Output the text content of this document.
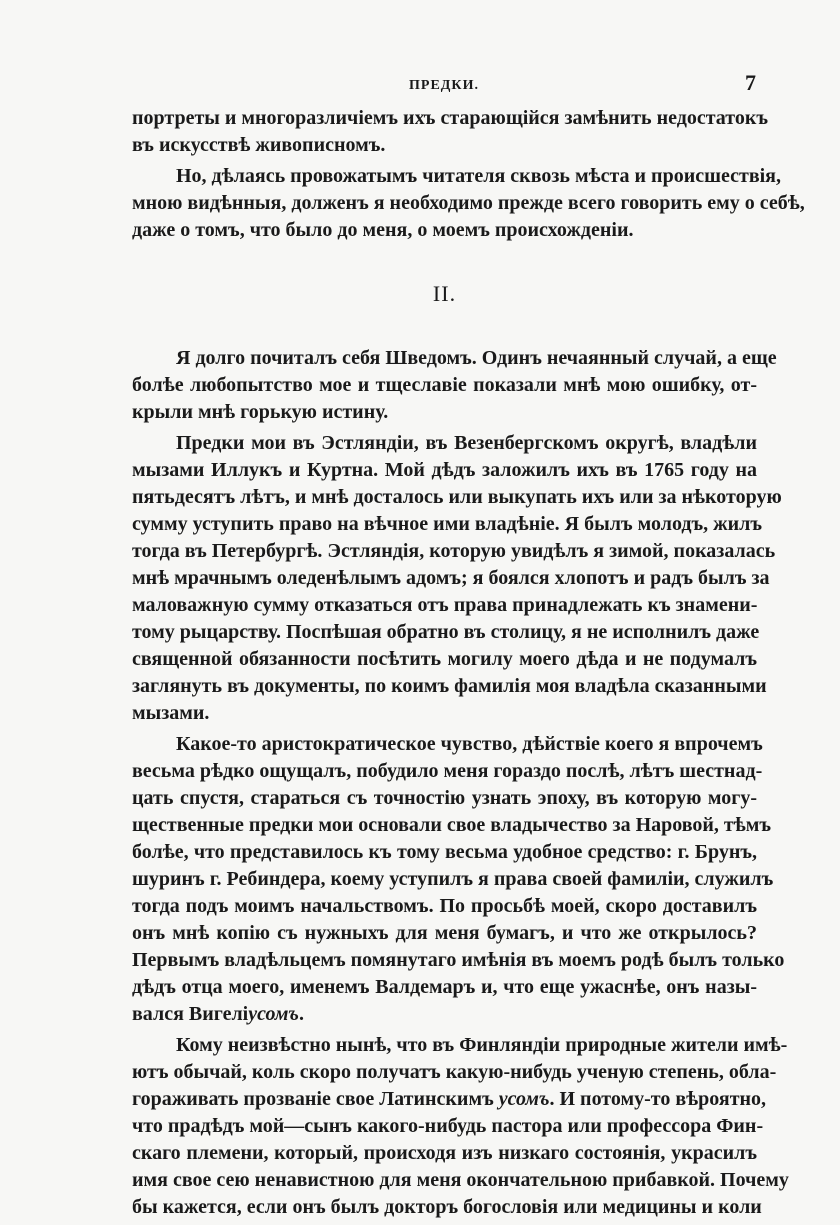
ПРЕДКИ.	7
портреты и многоразличіемъ ихъ старающійся замѣнить недостатокъ
въ искусствѣ живописномъ.
Но, дѣлаясь провожатымъ читателя сквозь мѣста и происшествія,
мною видѣнныя, долженъ я необходимо прежде всего говорить ему о себѣ,
даже о томъ, что было до меня, о моемъ происхожденіи.
II.
Я долго почиталъ себя Шведомъ. Одинъ нечаянный случай, а еще
болѣе любопытство мое и тщеславіе показали мнѣ мою ошибку, от-
крыли мнѣ горькую истину.
Предки мои въ Эстляндіи, въ Везенбергскомъ округѣ, владѣли
мызами Иллукъ и Куртна. Мой дѣдъ заложилъ ихъ въ 1765 году на
пятьдесятъ лѣтъ, и мнѣ досталось или выкупать ихъ или за нѣкоторую
сумму уступить право на вѣчное ими владѣніе. Я былъ молодъ, жилъ
тогда въ Петербургѣ. Эстляндія, которую увидѣлъ я зимой, показалась
мнѣ мрачнымъ оледенѣлымъ адомъ; я боялся хлопотъ и радъ былъ за
маловажную сумму отказаться отъ права принадлежать къ знамени-
тому рыцарству. Поспѣшая обратно въ столицу, я не исполнилъ даже
священной обязанности посѣтить могилу моего дѣда и не подумалъ
заглянуть въ документы, по коимъ фамилія моя владѣла сказанными
мызами.
Какое-то аристократическое чувство, дѣйствіе коего я впрочемъ
весьма рѣдко ощущалъ, побудило меня гораздо послѣ, лѣтъ шестнад-
цать спустя, стараться съ точностію узнать эпоху, въ которую могу-
щественные предки мои основали свое владычество за Наровой, тѣмъ
болѣе, что представилось къ тому весьма удобное средство: г. Брунъ,
шуринъ г. Ребиндера, коему уступилъ я права своей фамиліи, служилъ
тогда подъ моимъ начальствомъ. По просьбѣ моей, скоро доставилъ
онъ мнѣ копію съ нужныхъ для меня бумагъ, и что же открылось?
Первымъ владѣльцемъ помянутаго имѣнія въ моемъ родѣ былъ только
дѣдъ отца моего, именемъ Валдемаръ и, что еще ужаснѣе, онъ назы-
вался Вигеліусомъ.
Кому неизвѣстно нынѣ, что въ Финляндіи природные жители имѣ-
ютъ обычай, коль скоро получатъ какую-нибудь ученую степень, обла-
гораживать прозваніе свое Латинскимъ усомъ. И потому-то вѣроятно,
что прадѣдъ мой—сынъ какого-нибудь пастора или профессора Фин-
скаго племени, который, происходя изъ низкаго состоянія, украсилъ
имя свое сею ненавистною для меня окончательною прибавкой. Почему
бы кажется, если онъ былъ докторъ богословія или медицины и коли
